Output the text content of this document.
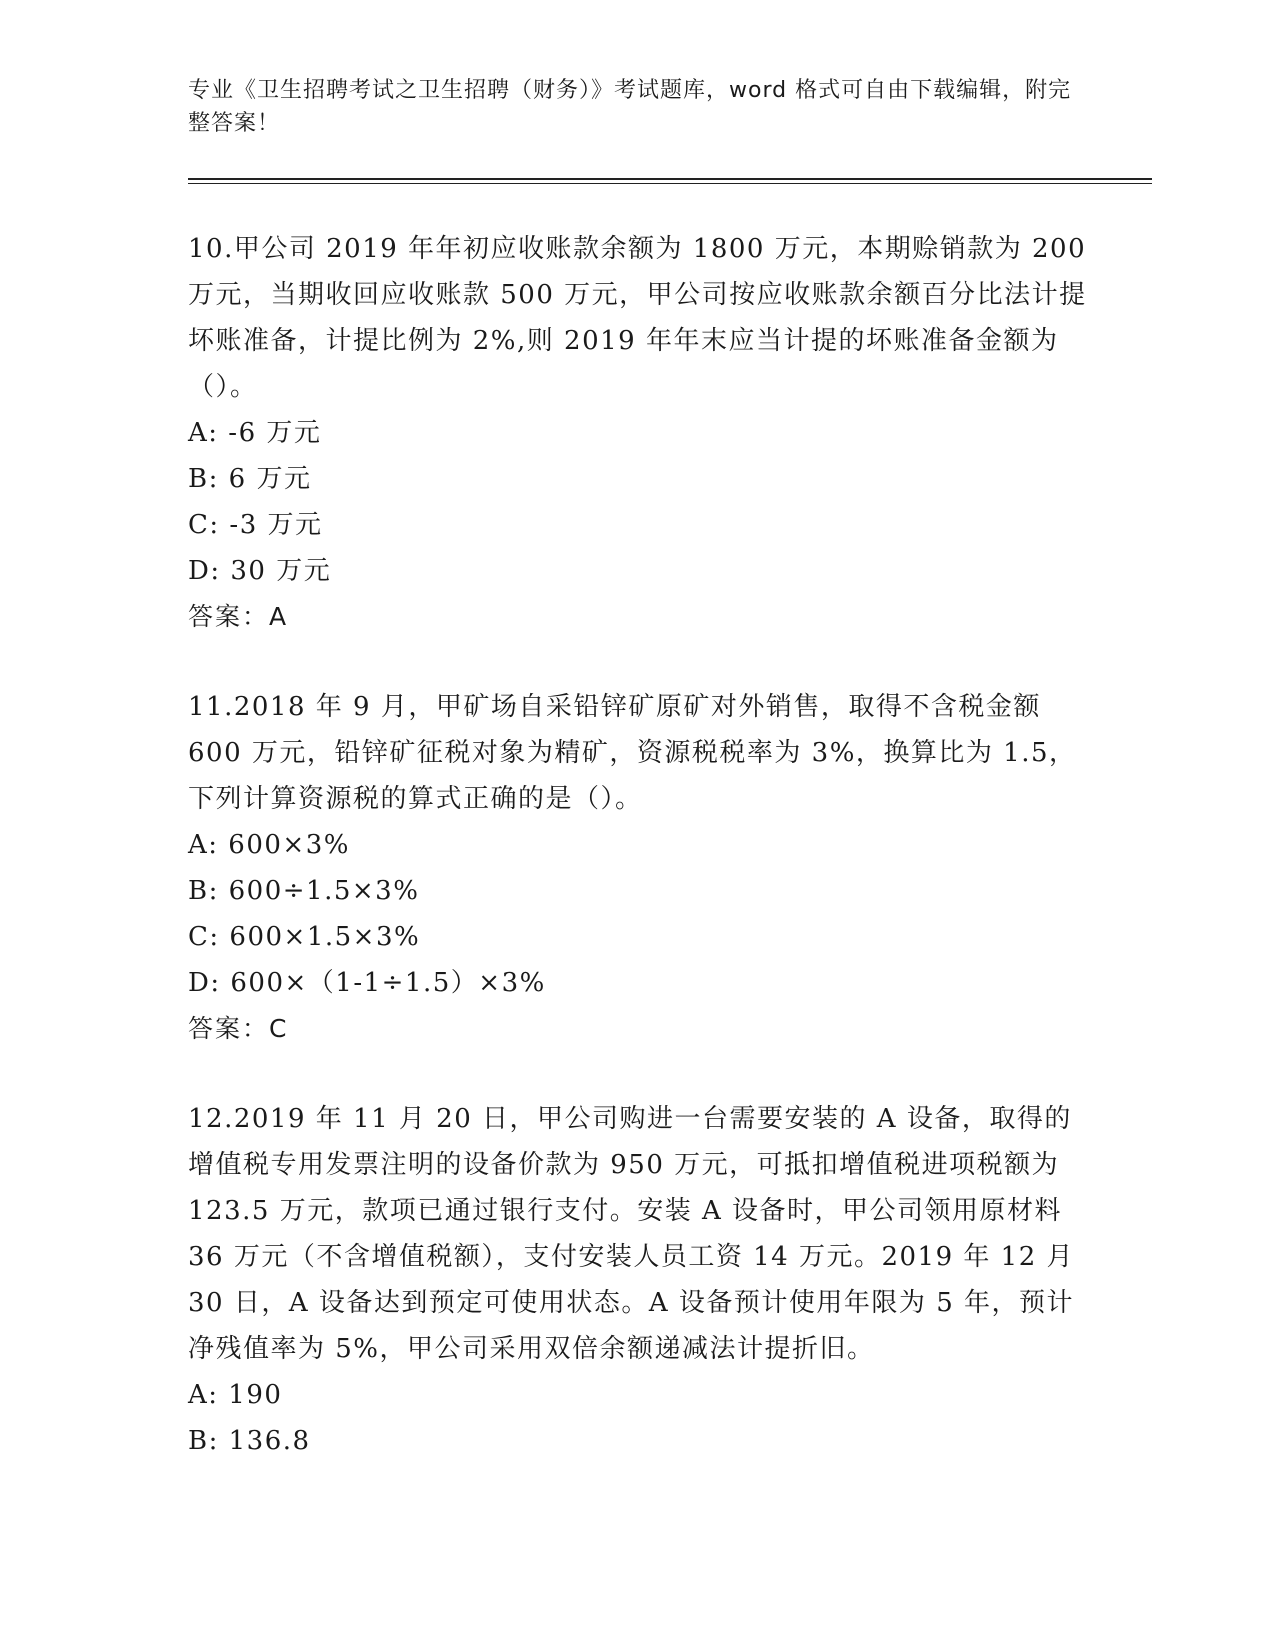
专业《卫生招聘考试之卫生招聘（财务）》考试题库，word 格式可自由下载编辑，附完整答案！
10.甲公司 2019 年年初应收账款余额为 1800 万元，本期赊销款为 200 万元，当期收回应收账款 500 万元，甲公司按应收账款余额百分比法计提坏账准备，计提比例为 2%,则 2019 年年末应当计提的坏账准备金额为（）。
A: -6 万元
B: 6 万元
C: -3 万元
D: 30 万元
答案：A
11.2018 年 9 月，甲矿场自采铅锌矿原矿对外销售，取得不含税金额 600 万元，铅锌矿征税对象为精矿，资源税税率为 3%，换算比为 1.5，下列计算资源税的算式正确的是（）。
A: 600×3%
B: 600÷1.5×3%
C: 600×1.5×3%
D: 600×（1-1÷1.5）×3%
答案：C
12.2019 年 11 月 20 日，甲公司购进一台需要安装的 A 设备，取得的增值税专用发票注明的设备价款为 950 万元，可抵扣增值税进项税额为 123.5 万元，款项已通过银行支付。安装 A 设备时，甲公司领用原材料 36 万元（不含增值税额），支付安装人员工资 14 万元。2019 年 12 月 30 日，A 设备达到预定可使用状态。A 设备预计使用年限为 5 年，预计净残值率为 5%，甲公司采用双倍余额递减法计提折旧。
A: 190
B: 136.8
